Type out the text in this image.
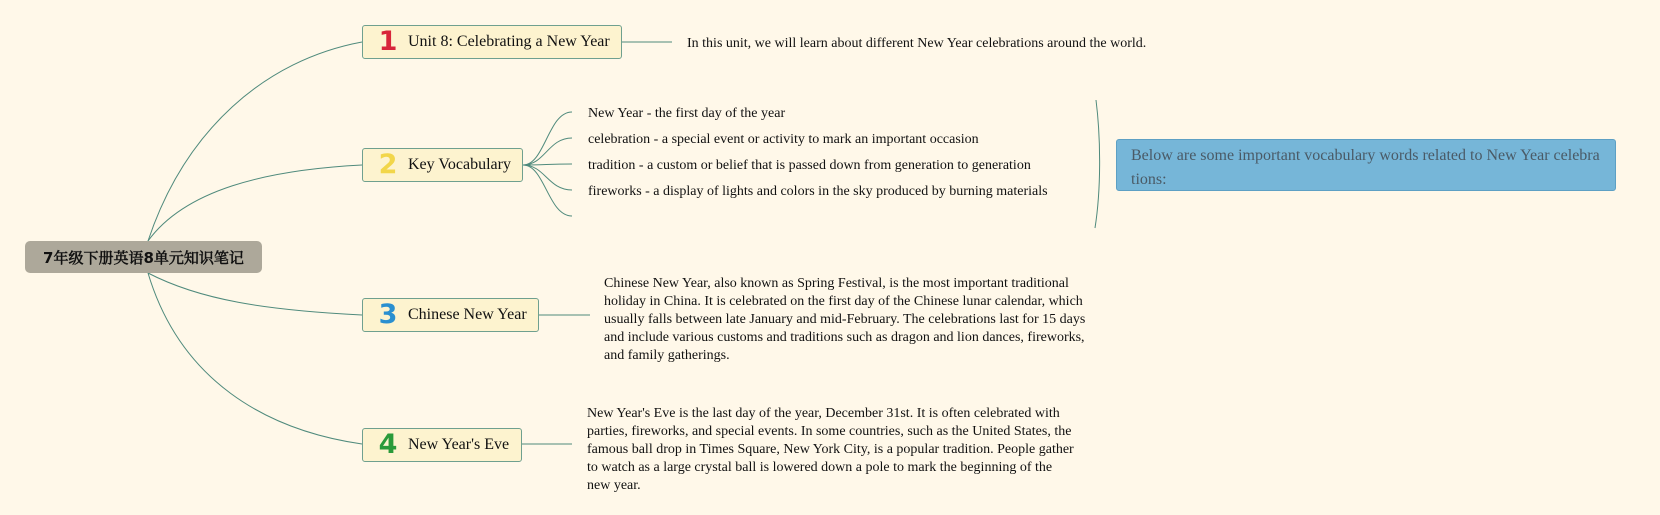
7年级下册英语8单元知识笔记
1 Unit 8: Celebrating a New Year
2 Key Vocabulary
3 Chinese New Year
4 New Year's Eve
In this unit, we will learn about different New Year celebrations around the world.
New Year - the first day of the year
celebration - a special event or activity to mark an important occasion
tradition - a custom or belief that is passed down from generation to generation
fireworks - a display of lights and colors in the sky produced by burning materials
Below are some important vocabulary words related to New Year celebrations:
Chinese New Year, also known as Spring Festival, is the most important traditional holiday in China. It is celebrated on the first day of the Chinese lunar calendar, which usually falls between late January and mid-February. The celebrations last for 15 days and include various customs and traditions such as dragon and lion dances, fireworks, and family gatherings.
New Year's Eve is the last day of the year, December 31st. It is often celebrated with parties, fireworks, and special events. In some countries, such as the United States, the famous ball drop in Times Square, New York City, is a popular tradition. People gather to watch as a large crystal ball is lowered down a pole to mark the beginning of the new year.
